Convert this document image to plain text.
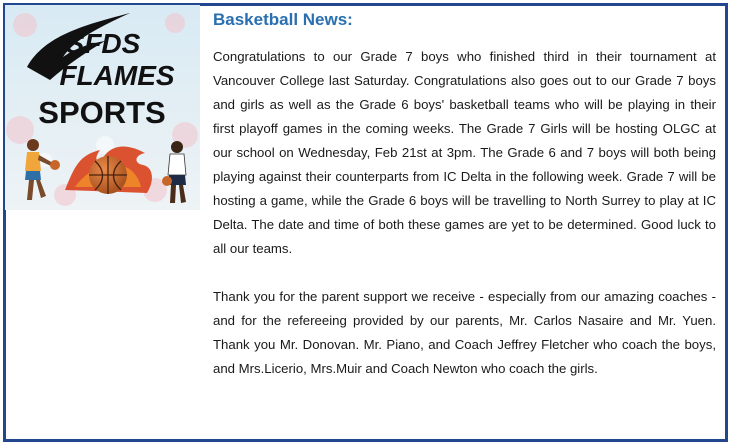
SFDS
FLAMES
SPORTS
Basketball News:

Congratulations to our Grade 7 boys who finished third in their tournament at Vancouver College last Saturday. Congratulations also goes out to our Grade 7 boys and girls as well as the Grade 6 boys' basketball teams who will be playing in their first playoff games in the coming weeks. The Grade 7 Girls will be hosting OLGC at our school on Wednesday, Feb 21st at 3pm. The Grade 6 and 7 boys will both being playing against their counterparts from IC Delta in the following week. Grade 7 will be hosting a game, while the Grade 6 boys will be travelling to North Surrey to play at IC Delta. The date and time of both these games are yet to be determined. Good luck to all our teams.

Thank you for the parent support we receive - especially from our amazing coaches - and for the refereeing provided by our parents, Mr. Carlos Nasaire and Mr. Yuen. Thank you Mr. Donovan. Mr. Piano, and Coach Jeffrey Fletcher who coach the boys, and Mrs.Licerio, Mrs.Muir and Coach Newton who coach the girls.
